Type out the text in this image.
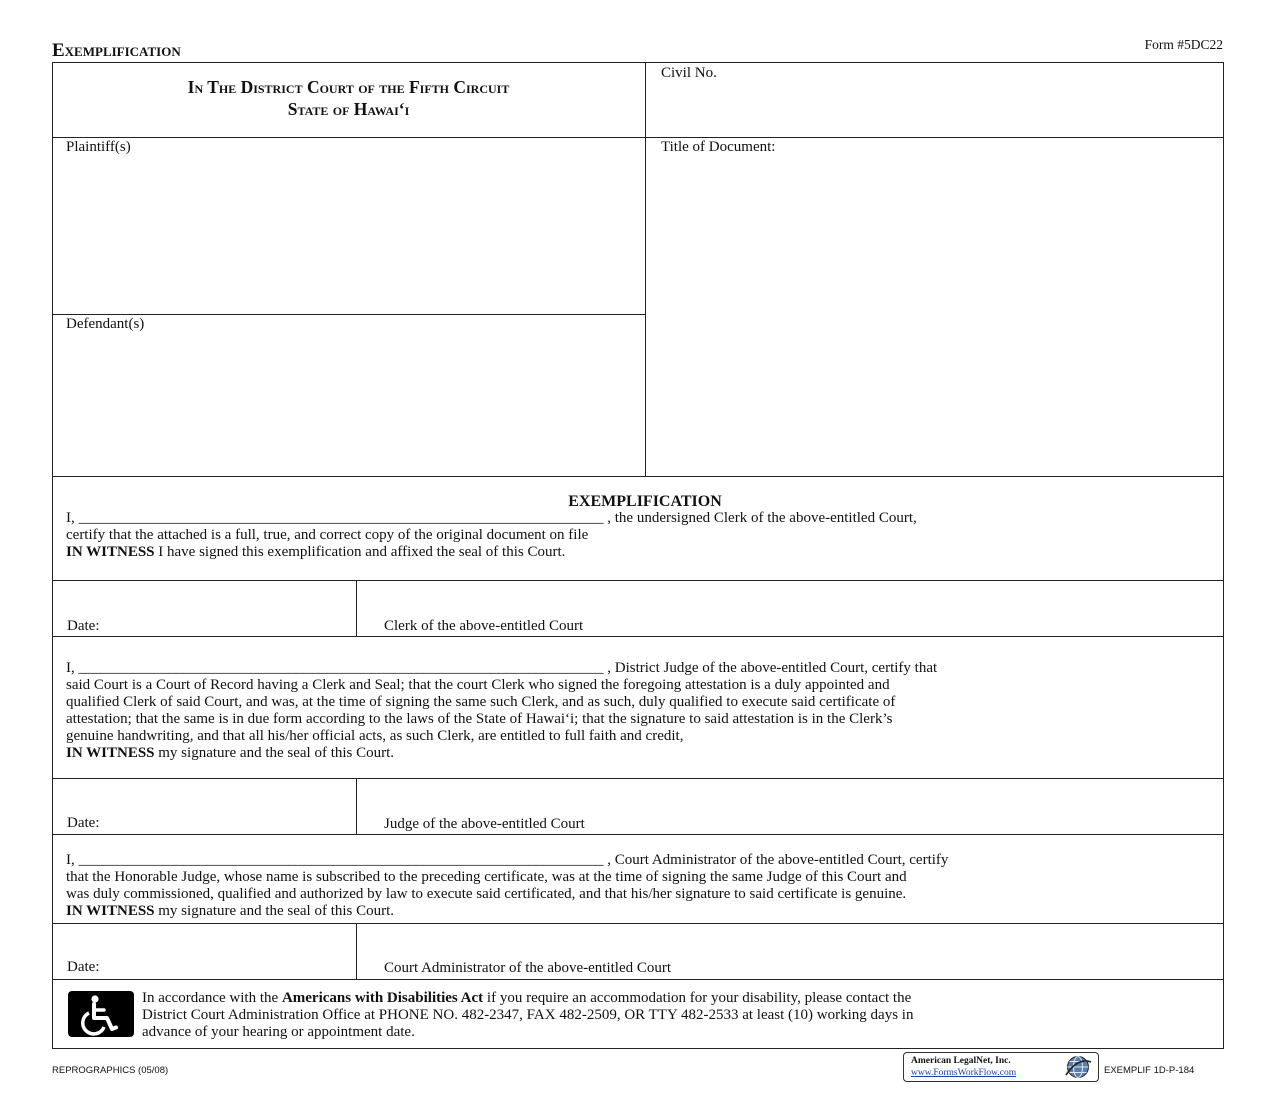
Exemplification	Form #5DC22
In The District Court of the Fifth Circuit
State of Hawai‘i
Civil No.
Plaintiff(s)	Title of Document:
Defendant(s)
EXEMPLIFICATION
I, ______________________________________________________________________ , the undersigned Clerk of the above-entitled Court,
certify that the attached is a full, true, and correct copy of the original document on file
IN WITNESS I have signed this exemplification and affixed the seal of this Court.
Date:	Clerk of the above-entitled Court
I, ______________________________________________________________________ , District Judge of the above-entitled Court, certify that
said Court is a Court of Record having a Clerk and Seal; that the court Clerk who signed the foregoing attestation is a duly appointed and
qualified Clerk of said Court, and was, at the time of signing the same such Clerk, and as such, duly qualified to execute said certificate of
attestation; that the same is in due form according to the laws of the State of Hawai‘i; that the signature to said attestation is in the Clerk’s
genuine handwriting, and that all his/her official acts, as such Clerk, are entitled to full faith and credit,
IN WITNESS my signature and the seal of this Court.
Date:	Judge of the above-entitled Court
I, ______________________________________________________________________ , Court Administrator of the above-entitled Court, certify
that the Honorable Judge, whose name is subscribed to the preceding certificate, was at the time of signing the same Judge of this Court and
was duly commissioned, qualified and authorized by law to execute said certificated, and that his/her signature to said certificate is genuine.
IN WITNESS my signature and the seal of this Court.
Date:	Court Administrator of the above-entitled Court
In accordance with the Americans with Disabilities Act if you require an accommodation for your disability, please contact the
District Court Administration Office at PHONE NO. 482-2347, FAX 482-2509, OR TTY 482-2533 at least (10) working days in
advance of your hearing or appointment date.
REPROGRAPHICS (05/08)
American LegalNet, Inc.
www.FormsWorkFlow.com	EXEMPLIF 1D-P-184
